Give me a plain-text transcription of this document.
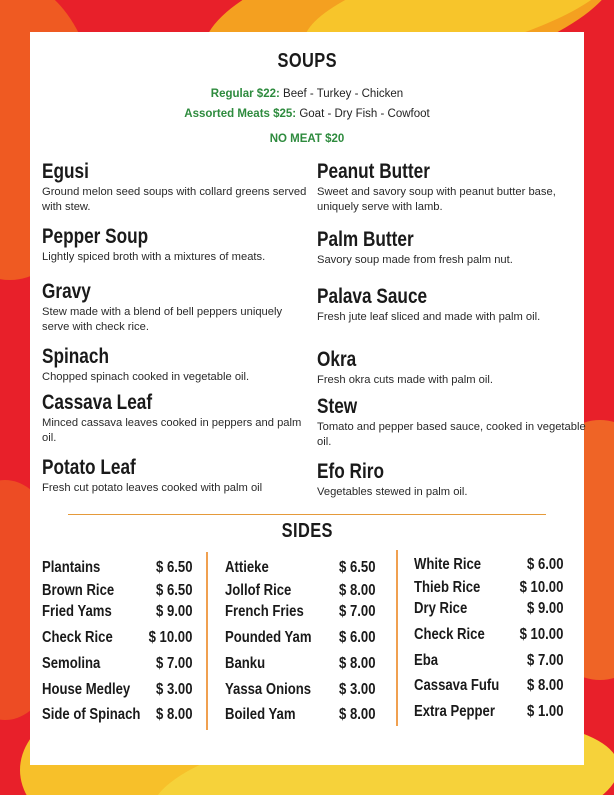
SOUPS
Regular $22: Beef - Turkey - Chicken
Assorted Meats $25: Goat - Dry Fish - Cowfoot
NO MEAT $20
Egusi
Ground melon seed soups with collard greens served with stew.
Pepper Soup
Lightly spiced broth with a mixtures of meats.
Gravy
Stew made with a blend of bell peppers uniquely serve with check rice.
Spinach
Chopped spinach cooked in vegetable oil.
Cassava Leaf
Minced cassava leaves cooked in peppers and palm oil.
Potato Leaf
Fresh cut potato leaves cooked with palm oil
Peanut Butter
Sweet and savory soup with peanut butter base, uniquely serve with lamb.
Palm Butter
Savory soup made from fresh palm nut.
Palava Sauce
Fresh jute leaf sliced and made with palm oil.
Okra
Fresh okra cuts made with palm oil.
Stew
Tomato and pepper based sauce, cooked in vegetable oil.
Efo Riro
Vegetables stewed in palm oil.
SIDES
Plantains	$ 6.50
Brown Rice	$ 6.50
Fried Yams	$ 9.00
Check Rice	$ 10.00
Semolina	$ 7.00
House Medley	$ 3.00
Side of Spinach $ 8.00
Attieke	$ 6.50
Jollof Rice	$ 8.00
French Fries	$ 7.00
Pounded Yam	$ 6.00
Banku	$ 8.00
Yassa Onions	$ 3.00
Boiled Yam	$ 8.00
White Rice	$ 6.00
Thieb Rice	$ 10.00
Dry Rice	$ 9.00
Check Rice	$ 10.00
Eba	$ 7.00
Cassava Fufu	$ 8.00
Extra Pepper	$ 1.00
